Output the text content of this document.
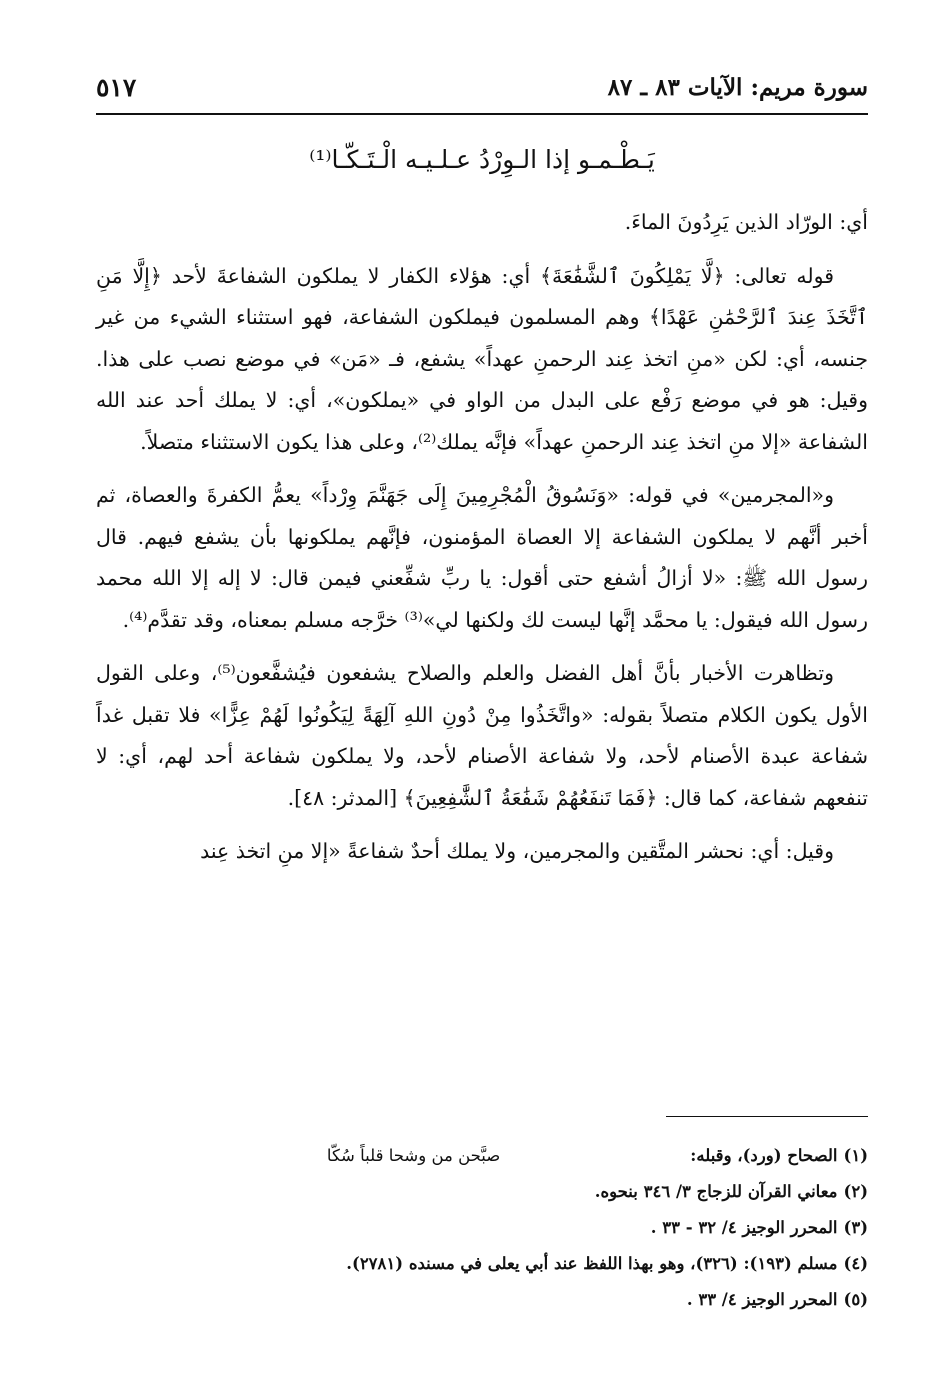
سورة مريم: الآيات ٨٣ ـ ٨٧
٥١٧
يَـطْـمـو إذا الـوِرْدُ عـلـيـه الْـتَـكّـا⁽¹⁾

أي: الورّاد الذين يَرِدُونَ الماءَ.

قوله تعالى: ﴿لَّا يَمْلِكُونَ ٱلشَّفَٰعَةَ﴾ أي: هؤلاء الكفار لا يملكون الشفاعةَ لأحد ﴿إِلَّا مَنِ ٱتَّخَذَ عِندَ ٱلرَّحْمَٰنِ عَهْدًا﴾ وهم المسلمون فيملكون الشفاعة، فهو استثناء الشيء من غير جنسه، أي: لكن «منِ اتخذ عِند الرحمنِ عهداً» يشفع، فـ «مَن» في موضع نصب على هذا. وقيل: هو في موضع رَفْع على البدل من الواو في «يملكون»، أي: لا يملك أحد عند الله الشفاعة «إلا منِ اتخذ عِند الرحمنِ عهداً» فإنَّه يملك⁽²⁾، وعلى هذا يكون الاستثناء متصلاً.

و«المجرمين» في قوله: «وَنَسُوقُ الْمُجْرِمِينَ إِلَى جَهَنَّمَ وِرْداً» يعمُّ الكفرةَ والعصاة، ثم أخبر أنَّهم لا يملكون الشفاعة إلا العصاة المؤمنون، فإنَّهم يملكونها بأن يشفع فيهم. قال رسول الله ﷺ: «لا أزالُ أشفع حتى أقول: يا ربِّ شفِّعني فيمن قال: لا إله إلا الله محمد رسول الله فيقول: يا محمَّد إنَّها ليست لك ولكنها لي»⁽³⁾ خرَّجه مسلم بمعناه، وقد تقدَّم⁽⁴⁾.

وتظاهرت الأخبار بأنَّ أهل الفضل والعلم والصلاح يشفعون فيُشفَّعون⁽⁵⁾، وعلى القول الأول يكون الكلام متصلاً بقوله: «واتَّخَذُوا مِنْ دُونِ اللهِ آلِهَةً لِيَكُونُوا لَهُمْ عِزًّا» فلا تقبل غداً شفاعة عبدة الأصنام لأحد، ولا شفاعة الأصنام لأحد، ولا يملكون شفاعة أحد لهم، أي: لا تنفعهم شفاعة، كما قال: ﴿فَمَا تَنفَعُهُمْ شَفَٰعَةُ ٱلشَّٰفِعِينَ﴾ [المدثر: ٤٨].

وقيل: أي: نحشر المتَّقين والمجرمين، ولا يملك أحدٌ شفاعةً «إلا منِ اتخذ عِند

(١)
الصحاح (ورد)، وقبله:
صبَّحن من وشحا قلباً سُكّا
(٢)
معاني القرآن للزجاج ٣/ ٣٤٦ بنحوه.
(٣)
المحرر الوجيز ٤/ ٣٢ - ٣٣ .
(٤)
مسلم (١٩٣): (٣٢٦)، وهو بهذا اللفظ عند أبي يعلى في مسنده (٢٧٨١).
(٥)
المحرر الوجيز ٤/ ٣٣ .
